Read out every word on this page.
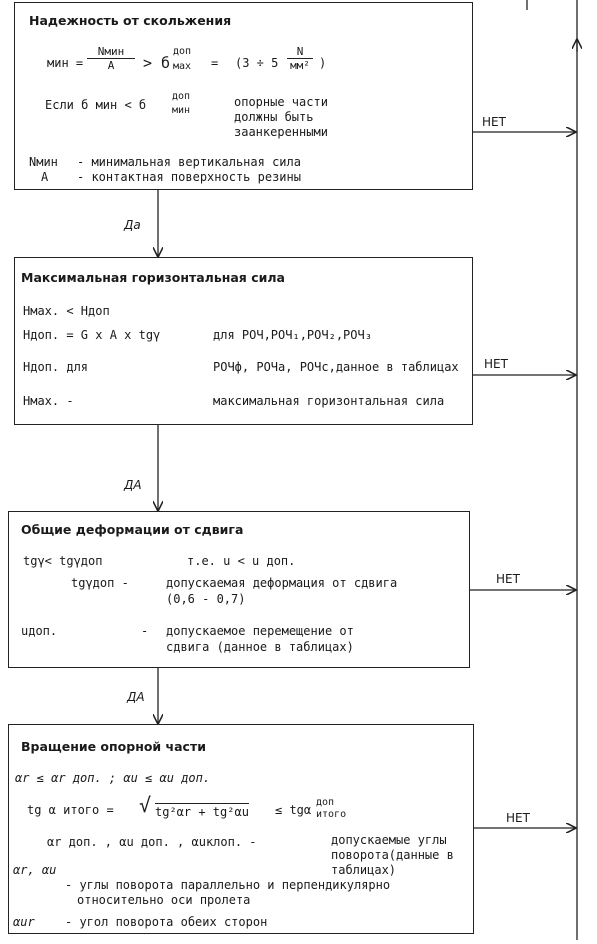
Надежность от скольжения
мин =
Nмин
A	> б
доп
мах = (3 ÷ 5
N
мм² )
Если б мин < б
доп
мин
опорные части
должны быть
заанкеренными
Nмин - минимальная вертикальная сила
A - контактная поверхность резины
Максимальная горизонтальная сила
Hмах. < Hдоп
Hдоп. = G x A x tgγ	для РОЧ,РОЧ₁,РОЧ₂,РОЧ₃
Hдоп. для	РОЧф, РОЧа, РОЧс,данное в таблицах
Hмах. -	максимальная горизонтальная сила
Общие деформации от сдвига
tgγ< tgγдоп	т.е. u < u доп.
tgγдоп -	допускаемая деформация от сдвига
(0,6 - 0,7)
uдоп.	- допускаемое перемещение от
сдвига (данное в таблицах)
Вращение опорной части
αr ≤ αr доп. ; αu ≤ αu доп.
tg α итого = √ tg²αr + tg²αu ≤ tgα
доп
итого
αr доп. , αu доп. , αuклоп. -	допускаемые углы
поворота(данные в
таблицах)
αr, αu
- углы поворота параллельно и перпендикулярно
относительно оси пролета
αur	- угол поворота обеих сторон
Да
ДА
ДА
НЕТ
НЕТ
НЕТ
НЕТ
